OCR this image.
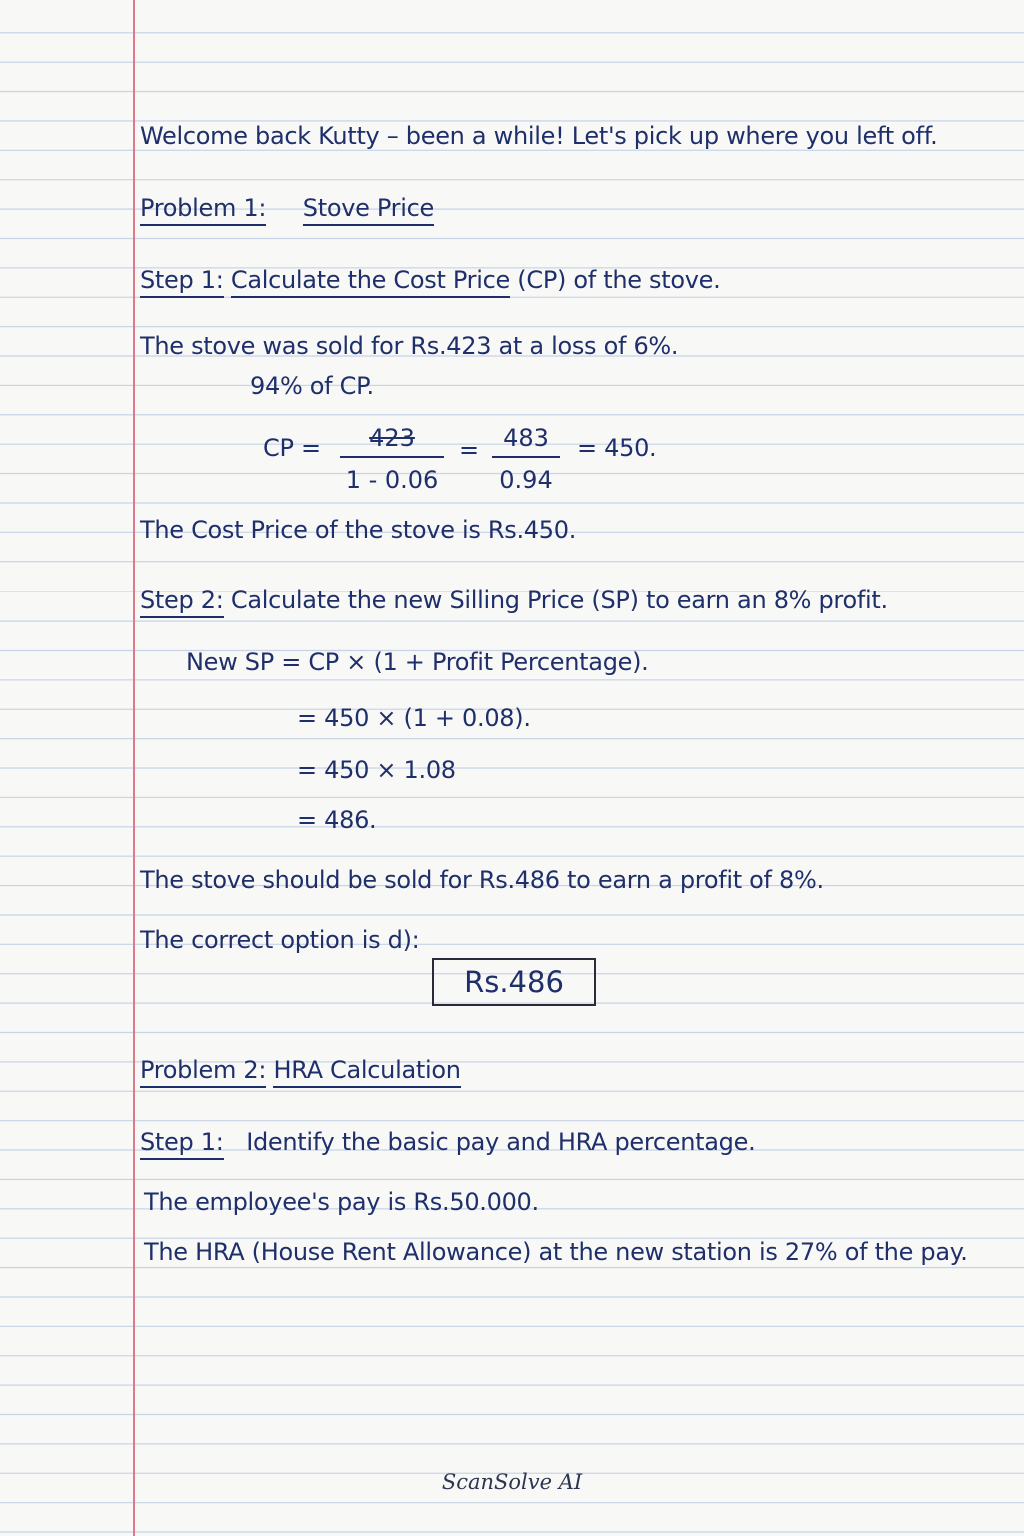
Welcome back Kutty – been a while! Let's pick up where you left off.
Problem 1: Stove Price
Step 1: Calculate the Cost Price (CP) of the stove.
The stove was sold for Rs.423 at a loss of 6%.
94% of CP.
CP = $\frac{423}{1 - 0.06} = \frac{483}{0.94} = 450$.
The Cost Price of the stove is Rs.450.
Step 2: Calculate the new Silling Price (SP) to earn an 8% profit.
New SP = CP × (1 + Profit Percentage).
= 450 × (1 + 0.08).
= 450 × 1.08
= 486.
The stove should be sold for Rs.486 to earn a profit of 8%.
The correct option is d):
Rs.486
Problem 2: HRA Calculation
Step 1: Identify the basic pay and HRA percentage.
The employee's pay is Rs.50.000.
The HRA (House Rent Allowance) at the new station is 27% of the pay.
ScanSolve AI
